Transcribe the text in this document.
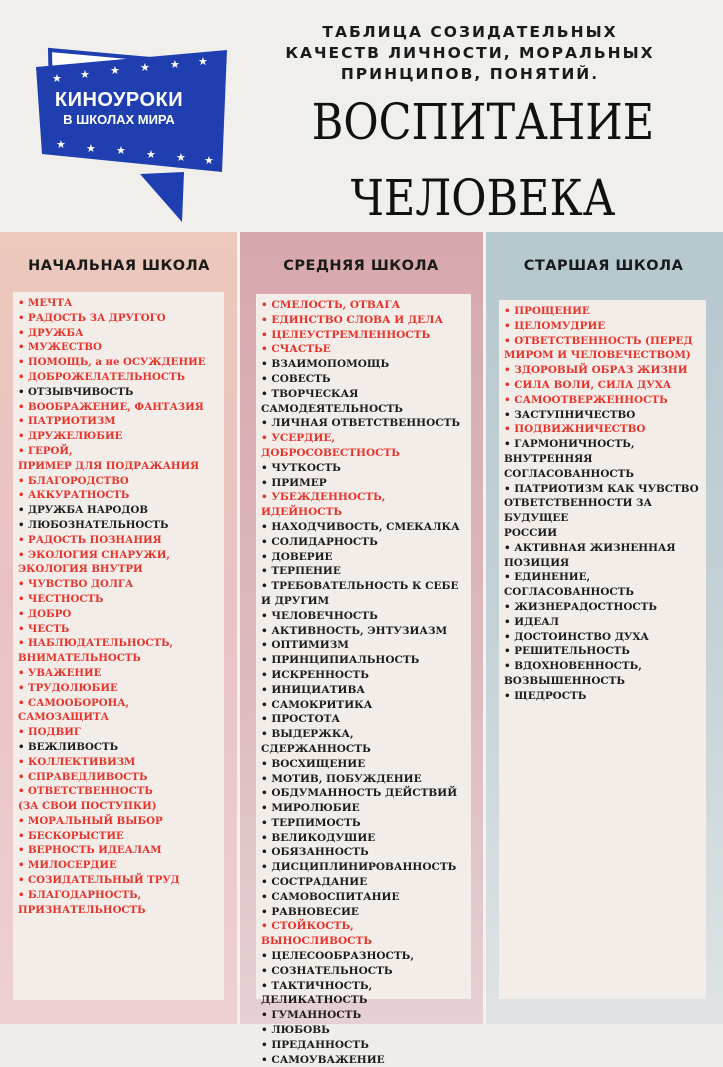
★ ★ ★ ★ ★ ★
★ ★ ★ ★ ★ ★
КИНОУРОКИ
В ШКОЛАХ МИРА
ТАБЛИЦА СОЗИДАТЕЛЬНЫХ
КАЧЕСТВ ЛИЧНОСТИ, МОРАЛЬНЫХ
ПРИНЦИПОВ, ПОНЯТИЙ.
ВОСПИТАНИЕ
ЧЕЛОВЕКА
НАЧАЛЬНАЯ ШКОЛА	СРЕДНЯЯ ШКОЛА	СТАРШАЯ ШКОЛА
• МЕЧТА
• РАДОСТЬ ЗА ДРУГОГО
• ДРУЖБА
• МУЖЕСТВО
• ПОМОЩЬ, а не ОСУЖДЕНИЕ
• ДОБРОЖЕЛАТЕЛЬНОСТЬ
• ОТЗЫВЧИВОСТЬ
• ВООБРАЖЕНИЕ, ФАНТАЗИЯ
• ПАТРИОТИЗМ
• ДРУЖЕЛЮБИЕ
• ГЕРОЙ,
ПРИМЕР ДЛЯ ПОДРАЖАНИЯ
• БЛАГОРОДСТВО
• АККУРАТНОСТЬ
• ДРУЖБА НАРОДОВ
• ЛЮБОЗНАТЕЛЬНОСТЬ
• РАДОСТЬ ПОЗНАНИЯ
• ЭКОЛОГИЯ СНАРУЖИ,
ЭКОЛОГИЯ ВНУТРИ
• ЧУВСТВО ДОЛГА
• ЧЕСТНОСТЬ
• ДОБРО
• ЧЕСТЬ
• НАБЛЮДАТЕЛЬНОСТЬ,
ВНИМАТЕЛЬНОСТЬ
• УВАЖЕНИЕ
• ТРУДОЛЮБИЕ
• САМООБОРОНА, САМОЗАЩИТА
• ПОДВИГ
• ВЕЖЛИВОСТЬ
• КОЛЛЕКТИВИЗМ
• СПРАВЕДЛИВОСТЬ
• ОТВЕТСТВЕННОСТЬ
(ЗА СВОИ ПОСТУПКИ)
• МОРАЛЬНЫЙ ВЫБОР
• БЕСКОРЫСТИЕ
• ВЕРНОСТЬ ИДЕАЛАМ
• МИЛОСЕРДИЕ
• СОЗИДАТЕЛЬНЫЙ ТРУД
• БЛАГОДАРНОСТЬ,
ПРИЗНАТЕЛЬНОСТЬ
• СМЕЛОСТЬ, ОТВАГА
• ЕДИНСТВО СЛОВА И ДЕЛА
• ЦЕЛЕУСТРЕМЛЕННОСТЬ
• СЧАСТЬЕ
• ВЗАИМОПОМОЩЬ
• СОВЕСТЬ
• ТВОРЧЕСКАЯ САМОДЕЯТЕЛЬНОСТЬ
• ЛИЧНАЯ ОТВЕТСТВЕННОСТЬ
• УСЕРДИЕ, ДОБРОСОВЕСТНОСТЬ
• ЧУТКОСТЬ
• ПРИМЕР
• УБЕЖДЕННОСТЬ, ИДЕЙНОСТЬ
• НАХОДЧИВОСТЬ, СМЕКАЛКА
• СОЛИДАРНОСТЬ
• ДОВЕРИЕ
• ТЕРПЕНИЕ
• ТРЕБОВАТЕЛЬНОСТЬ К СЕБЕ
И ДРУГИМ
• ЧЕЛОВЕЧНОСТЬ
• АКТИВНОСТЬ, ЭНТУЗИАЗМ
• ОПТИМИЗМ
• ПРИНЦИПИАЛЬНОСТЬ
• ИСКРЕННОСТЬ
• ИНИЦИАТИВА
• САМОКРИТИКА
• ПРОСТОТА
• ВЫДЕРЖКА, СДЕРЖАННОСТЬ
• ВОСХИЩЕНИЕ
• МОТИВ, ПОБУЖДЕНИЕ
• ОБДУМАННОСТЬ ДЕЙСТВИЙ
• МИРОЛЮБИЕ
• ТЕРПИМОСТЬ
• ВЕЛИКОДУШИЕ
• ОБЯЗАННОСТЬ
• ДИСЦИПЛИНИРОВАННОСТЬ
• СОСТРАДАНИЕ
• САМОВОСПИТАНИЕ
• РАВНОВЕСИЕ
• СТОЙКОСТЬ, ВЫНОСЛИВОСТЬ
• ЦЕЛЕСООБРАЗНОСТЬ,
• СОЗНАТЕЛЬНОСТЬ
• ТАКТИЧНОСТЬ, ДЕЛИКАТНОСТЬ
• ГУМАННОСТЬ
• ЛЮБОВЬ
• ПРЕДАННОСТЬ
• САМОУВАЖЕНИЕ
• ПРОЩЕНИЕ
• ЦЕЛОМУДРИЕ
• ОТВЕТСТВЕННОСТЬ (ПЕРЕД
МИРОМ И ЧЕЛОВЕЧЕСТВОМ)
• ЗДОРОВЫЙ ОБРАЗ ЖИЗНИ
• СИЛА ВОЛИ, СИЛА ДУХА
• САМООТВЕРЖЕННОСТЬ
• ЗАСТУПНИЧЕСТВО
• ПОДВИЖНИЧЕСТВО
• ГАРМОНИЧНОСТЬ, ВНУТРЕННЯЯ
СОГЛАСОВАННОСТЬ
• ПАТРИОТИЗМ КАК ЧУВСТВО
ОТВЕТСТВЕННОСТИ ЗА БУДУЩЕЕ
РОССИИ
• АКТИВНАЯ ЖИЗНЕННАЯ
ПОЗИЦИЯ
• ЕДИНЕНИЕ, СОГЛАСОВАННОСТЬ
• ЖИЗНЕРАДОСТНОСТЬ
• ИДЕАЛ
• ДОСТОИНСТВО ДУХА
• РЕШИТЕЛЬНОСТЬ
• ВДОХНОВЕННОСТЬ,
ВОЗВЫШЕННОСТЬ
• ЩЕДРОСТЬ
